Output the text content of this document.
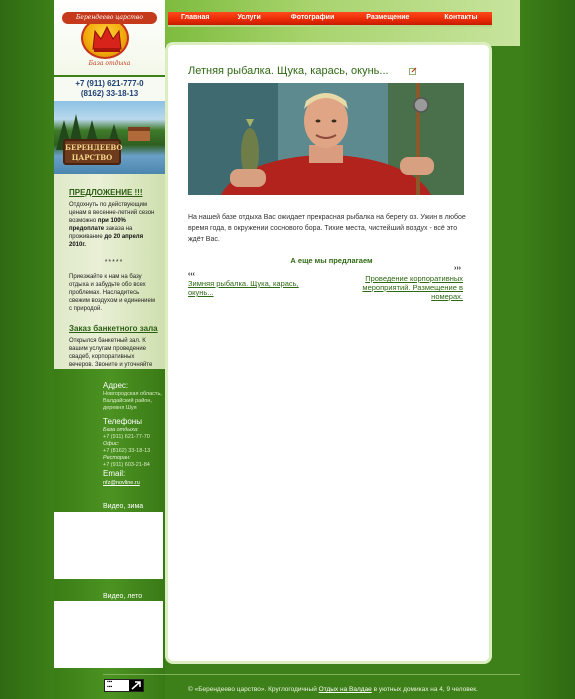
Берендеево царство
База отдыха
+7 (911) 621-777-0
(8162) 33-18-13
БЕРЕНДЕЕВО
ЦАРСТВО
ПРЕДЛОЖЕНИЕ !!!
Отдохнуть по действующим ценам в весенне-летний сезон возможно при 100% предоплате заказа на проживание до 20 апреля 2010г.
*****
Приезжайте к нам на базу отдыха и забудьте обо всех проблемах. Насладитесь свежим воздухом и единением с природой.
Заказ банкетного зала
Открылся банкетный зал. К вашим услугам проведение свадеб, корпоративных вечеров. Звоните и уточняйте
Адрес:
Новгородская область, Валдайский район, деревня Шуя
Телефоны
База отдыха:
+7 (911) 621-77-70
Офис:
+7 (8162) 33-18-13
Ресторан:
+7 (911) 603-21-84
Email:
nfz@novline.ru
Видео, зима
Видео, лето
Главная	Услуги	Фотографии	Размещение	Контакты
Летняя рыбалка. Щука, карась, окунь...
На нашей базе отдыха Вас ожидает прекрасная рыбалка на берегу оз. Ужин в любое время года, в окружении соснового бора. Тихие места, чистейший воздух - всё это ждёт Вас.
А еще мы предлагаем
‹‹‹
Зимняя рыбалка. Щука, карась, окунь...
›››
Проведение корпоративных мероприятий. Размещение в номерах.
▪▪▪
▪▪▪	© «Берендеево царство». Круглогодичный Отдых на Валдае в уютных домиках на 4, 9 человек.
